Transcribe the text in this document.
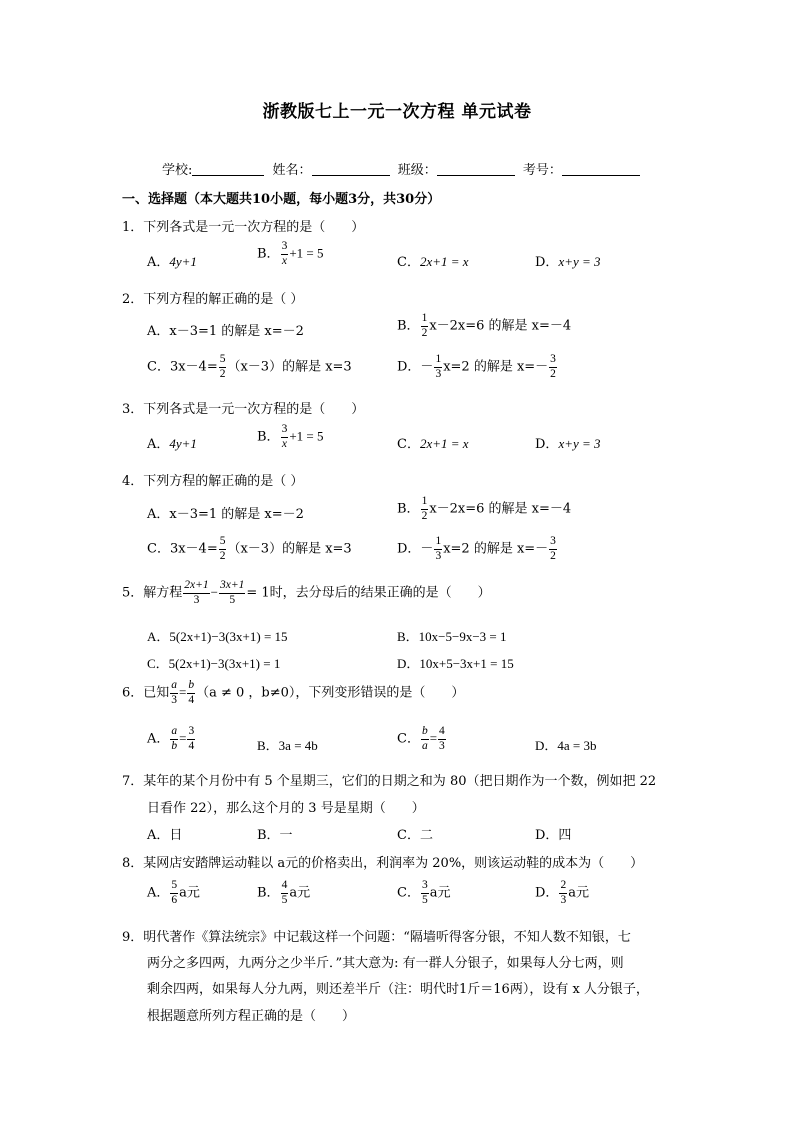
浙教版七上一元一次方程 单元试卷
学校:	姓名：	班级：	考号：
一、选择题（本大题共10小题，每小题3分，共30分）
1．下列各式是一元一次方程的是（　　）
A．4y+1	B． $\frac{3}{x} +1 = 5$
C．2x+1 = x	D．x+y = 3
2．下列方程的解正确的是（ ）
A．x－3=1 的解是 x=－2	B． $\frac{1}{2} x-2x=6$ 的解是 x=－4
C．$3x-4= \frac{5}{2} (x-3)$的解是 x=3	D．－ $\frac{1}{3} x=2$ 的解是 $x=- \frac{3}{2}$
3．下列各式是一元一次方程的是（　　）
A．4y+1	B． $\frac{3}{x} +1 = 5$
C．2x+1 = x	D．x+y = 3
4．下列方程的解正确的是（ ）
A．x－3=1 的解是 x=－2	B． $\frac{1}{2} x-2x=6$ 的解是 x=－4
C．$3x-4= \frac{5}{2} (x-3)$的解是 x=3	D．－ $\frac{1}{3} x=2$ 的解是 $x=- \frac{3}{2}$
5．解方程 $\frac{2x+1}{3} - \frac{3x+1}{5} = 1$时，去分母后的结果正确的是（　　）
A．5(2x+1)−3(3x+1) = 15	B．10x−5−9x−3 = 1
C．5(2x+1)−3(3x+1) = 1	D．10x+5−3x+1 = 15
6．已知 $\frac{a}{3} = \frac{b}{4} (a \ne 0$ ，b≠0），下列变形错误的是（　　）
A． $\frac{a}{b} = \frac{3}{4}$	B．3a = 4b	C． $\frac{b}{a} = \frac{4}{3}$	D．4a = 3b
7．某年的某个月份中有 5 个星期三，它们的日期之和为 80（把日期作为一个数，例如把 22
日看作 22），那么这个月的 3 号是星期（　　）
A．日	B．一	C．二	D．四
8．某网店安踏牌运动鞋以 a元的价格卖出，利润率为 20%，则该运动鞋的成本为（　　）
A． $\frac{5}{6}$ a元	B． $\frac{4}{5}$ a元	C． $\frac{3}{5}$ a元	D． $\frac{2}{3}$ a元
9．明代著作《算法统宗》中记载这样一个问题：“隔墙听得客分银，不知人数不知银，七
两分之多四两，九两分之少半斤．”其大意为: 有一群人分银子，如果每人分七两，则
剩余四两，如果每人分九两，则还差半斤（注：明代时1斤＝16两），设有 x 人分银子，
根据题意所列方程正确的是（　　）
